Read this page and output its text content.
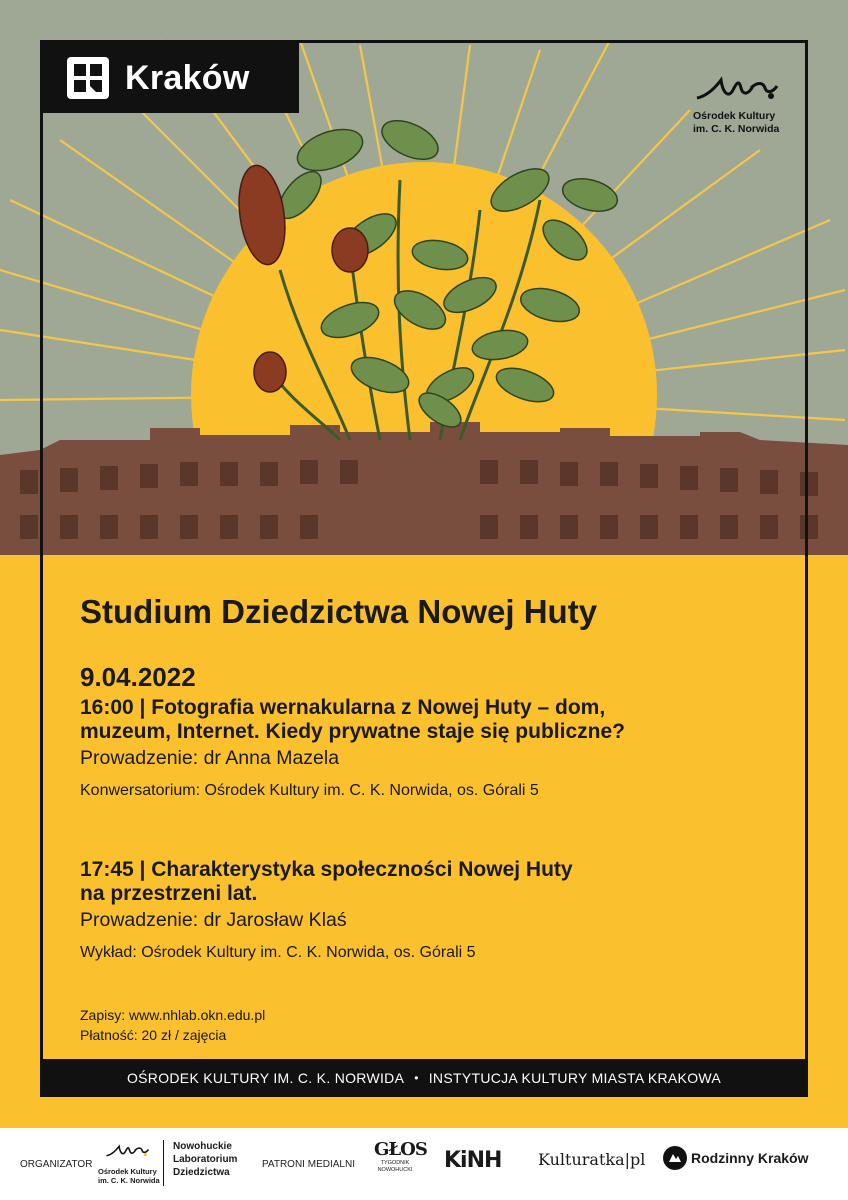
Kraków
Ośrodek Kultury
im. C. K. Norwida
Studium Dziedzictwa Nowej Huty
9.04.2022
16:00 | Fotografia wernakularna z Nowej Huty – dom,
muzeum, Internet. Kiedy prywatne staje się publiczne?
Prowadzenie: dr Anna Mazela
Konwersatorium: Ośrodek Kultury im. C. K. Norwida, os. Górali 5
17:45 | Charakterystyka społeczności Nowej Huty
na przestrzeni lat.
Prowadzenie: dr Jarosław Klaś
Wykład: Ośrodek Kultury im. C. K. Norwida, os. Górali 5
Zapisy: www.nhlab.okn.edu.pl
Płatność: 20 zł / zajęcia
OŚRODEK KULTURY IM. C. K. NORWIDA • INSTYTUCJA KULTURY MIASTA KRAKOWA
ORGANIZATOR
Ośrodek Kultury
im. C. K. Norwida
Nowohuckie
Laboratorium
Dziedzictwa
PATRONI MEDIALNI
GŁOS
TYGODNIK NOWOHUCKI KiNH Kulturatka|pl	Rodzinny Kraków
